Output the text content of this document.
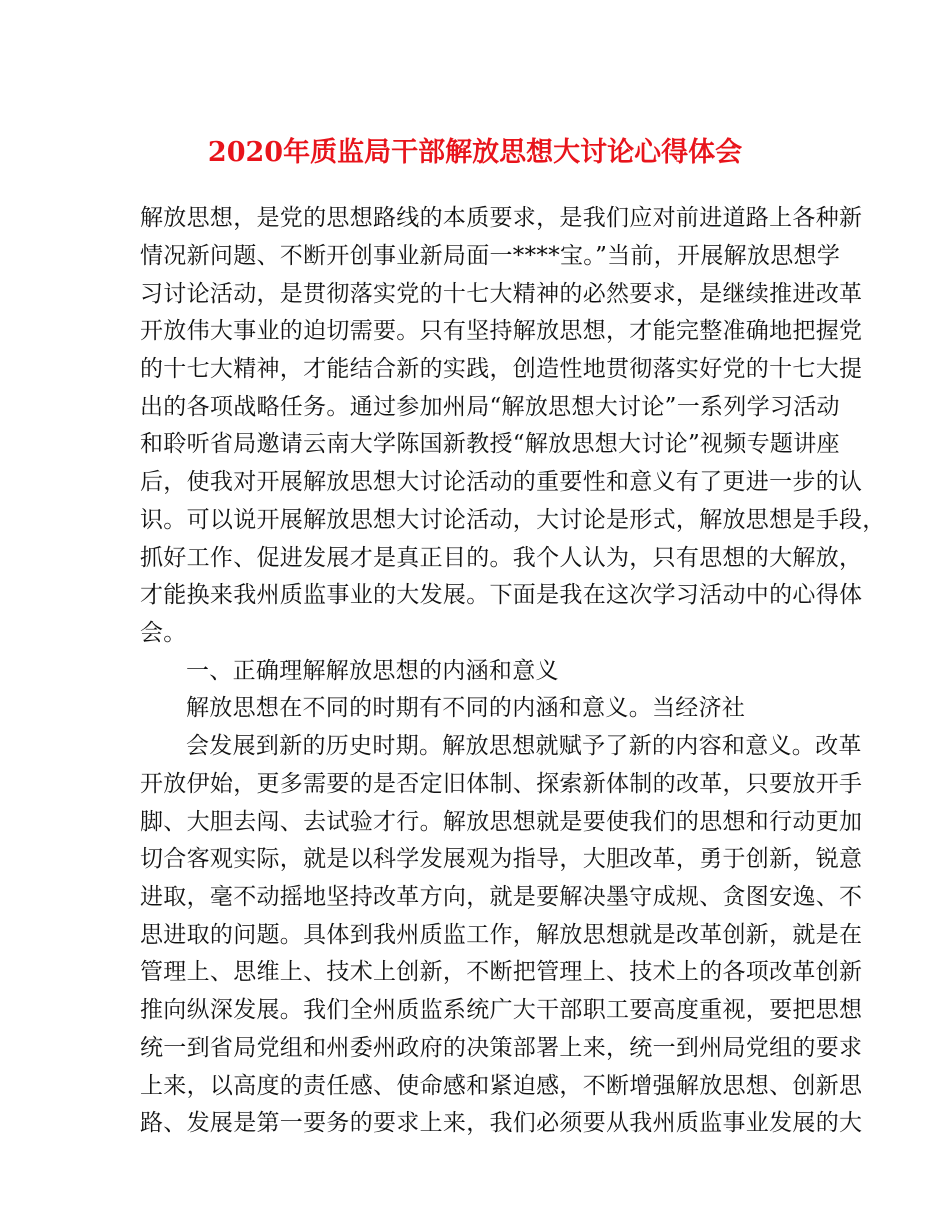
2020年质监局干部解放思想大讨论心得体会
解放思想，是党的思想路线的本质要求，是我们应对前进道路上各种新
情况新问题、不断开创事业新局面一****宝。”当前，开展解放思想学
习讨论活动，是贯彻落实党的十七大精神的必然要求，是继续推进改革
开放伟大事业的迫切需要。只有坚持解放思想，才能完整准确地把握党
的十七大精神，才能结合新的实践，创造性地贯彻落实好党的十七大提
出的各项战略任务。通过参加州局“解放思想大讨论”一系列学习活动
和聆听省局邀请云南大学陈国新教授“解放思想大讨论”视频专题讲座
后，使我对开展解放思想大讨论活动的重要性和意义有了更进一步的认
识。可以说开展解放思想大讨论活动，大讨论是形式，解放思想是手段，
抓好工作、促进发展才是真正目的。我个人认为，只有思想的大解放，
才能换来我州质监事业的大发展。下面是我在这次学习活动中的心得体
会。
一、正确理解解放思想的内涵和意义
解放思想在不同的时期有不同的内涵和意义。当经济社
会发展到新的历史时期。解放思想就赋予了新的内容和意义。改革
开放伊始，更多需要的是否定旧体制、探索新体制的改革，只要放开手
脚、大胆去闯、去试验才行。解放思想就是要使我们的思想和行动更加
切合客观实际，就是以科学发展观为指导，大胆改革，勇于创新，锐意
进取，毫不动摇地坚持改革方向，就是要解决墨守成规、贪图安逸、不
思进取的问题。具体到我州质监工作，解放思想就是改革创新，就是在
管理上、思维上、技术上创新，不断把管理上、技术上的各项改革创新
推向纵深发展。我们全州质监系统广大干部职工要高度重视，要把思想
统一到省局党组和州委州政府的决策部署上来，统一到州局党组的要求
上来，以高度的责任感、使命感和紧迫感，不断增强解放思想、创新思
路、发展是第一要务的要求上来，我们必须要从我州质监事业发展的大
